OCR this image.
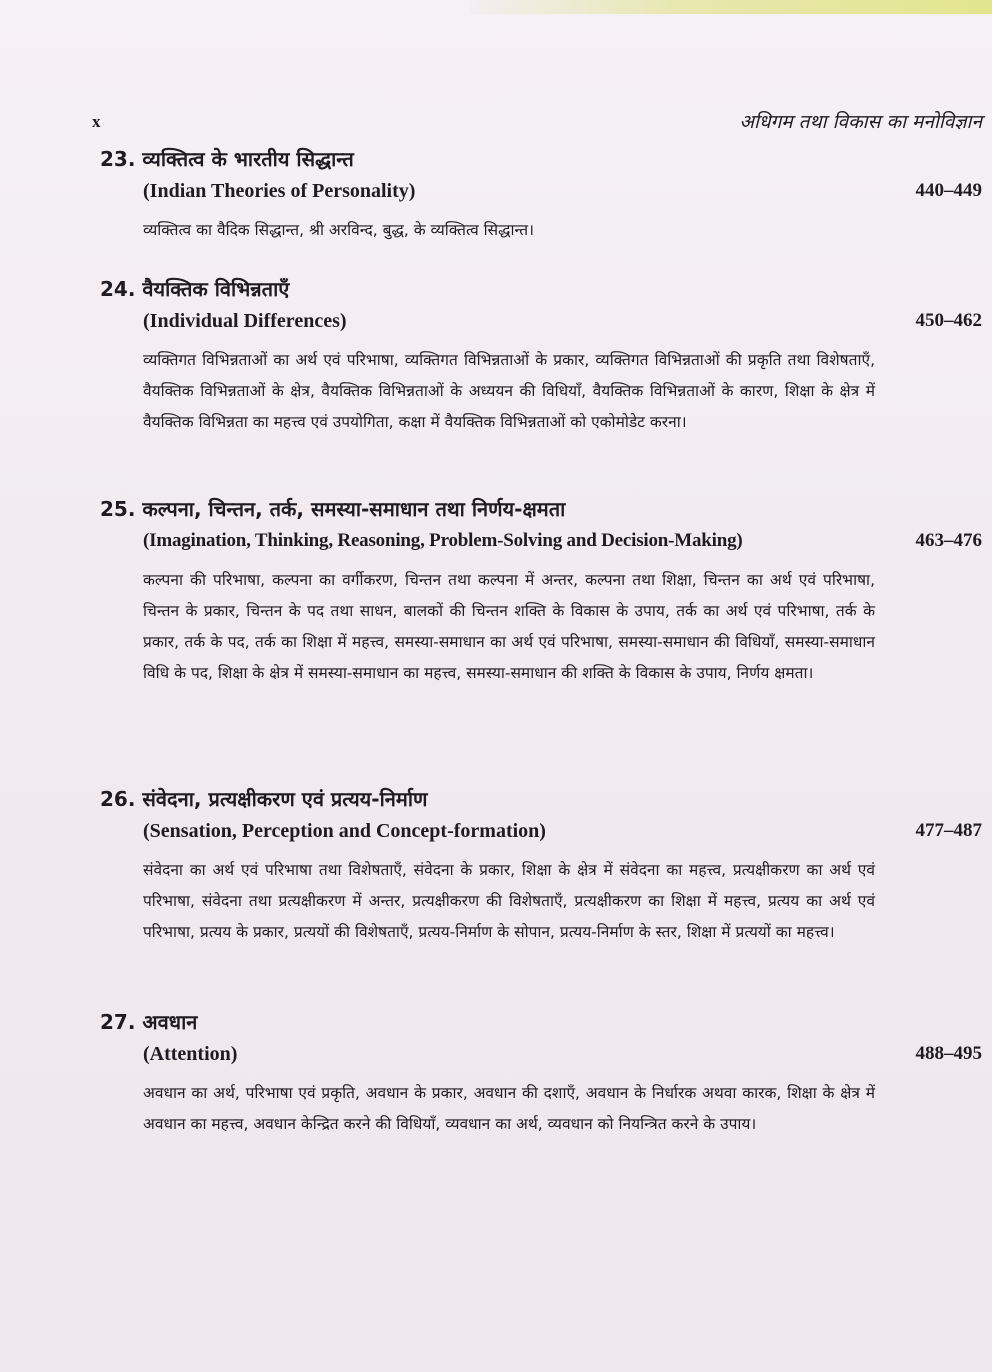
x	अधिगम तथा विकास का मनोविज्ञान
23. व्यक्तित्व के भारतीय सिद्धान्त
(Indian Theories of Personality)	440–449
व्यक्तित्व का वैदिक सिद्धान्त, श्री अरविन्द, बुद्ध, के व्यक्तित्व सिद्धान्त।
24. वैयक्तिक विभिन्नताएँ
(Individual Differences)	450–462
व्यक्तिगत विभिन्नताओं का अर्थ एवं परिभाषा, व्यक्तिगत विभिन्नताओं के प्रकार, व्यक्तिगत विभिन्नताओं की प्रकृति तथा विशेषताएँ, वैयक्तिक विभिन्नताओं के क्षेत्र, वैयक्तिक विभिन्नताओं के अध्ययन की विधियाँ, वैयक्तिक विभिन्नताओं के कारण, शिक्षा के क्षेत्र में वैयक्तिक विभिन्नता का महत्त्व एवं उपयोगिता, कक्षा में वैयक्तिक विभिन्नताओं को एकोमोडेट करना।
25. कल्पना, चिन्तन, तर्क, समस्या-समाधान तथा निर्णय-क्षमता
(Imagination, Thinking, Reasoning, Problem-Solving and Decision-Making)	463–476
कल्पना की परिभाषा, कल्पना का वर्गीकरण, चिन्तन तथा कल्पना में अन्तर, कल्पना तथा शिक्षा, चिन्तन का अर्थ एवं परिभाषा, चिन्तन के प्रकार, चिन्तन के पद तथा साधन, बालकों की चिन्तन शक्ति के विकास के उपाय, तर्क का अर्थ एवं परिभाषा, तर्क के प्रकार, तर्क के पद, तर्क का शिक्षा में महत्त्व, समस्या-समाधान का अर्थ एवं परिभाषा, समस्या-समाधान की विधियाँ, समस्या-समाधान विधि के पद, शिक्षा के क्षेत्र में समस्या-समाधान का महत्त्व, समस्या-समाधान की शक्ति के विकास के उपाय, निर्णय क्षमता।
26. संवेदना, प्रत्यक्षीकरण एवं प्रत्यय-निर्माण
(Sensation, Perception and Concept-formation)	477–487
संवेदना का अर्थ एवं परिभाषा तथा विशेषताएँ, संवेदना के प्रकार, शिक्षा के क्षेत्र में संवेदना का महत्त्व, प्रत्यक्षीकरण का अर्थ एवं परिभाषा, संवेदना तथा प्रत्यक्षीकरण में अन्तर, प्रत्यक्षीकरण की विशेषताएँ, प्रत्यक्षीकरण का शिक्षा में महत्त्व, प्रत्यय का अर्थ एवं परिभाषा, प्रत्यय के प्रकार, प्रत्ययों की विशेषताएँ, प्रत्यय-निर्माण के सोपान, प्रत्यय-निर्माण के स्तर, शिक्षा में प्रत्ययों का महत्त्व।
27. अवधान
(Attention)	488–495
अवधान का अर्थ, परिभाषा एवं प्रकृति, अवधान के प्रकार, अवधान की दशाएँ, अवधान के निर्धारक अथवा कारक, शिक्षा के क्षेत्र में अवधान का महत्त्व, अवधान केन्द्रित करने की विधियाँ, व्यवधान का अर्थ, व्यवधान को नियन्त्रित करने के उपाय।
